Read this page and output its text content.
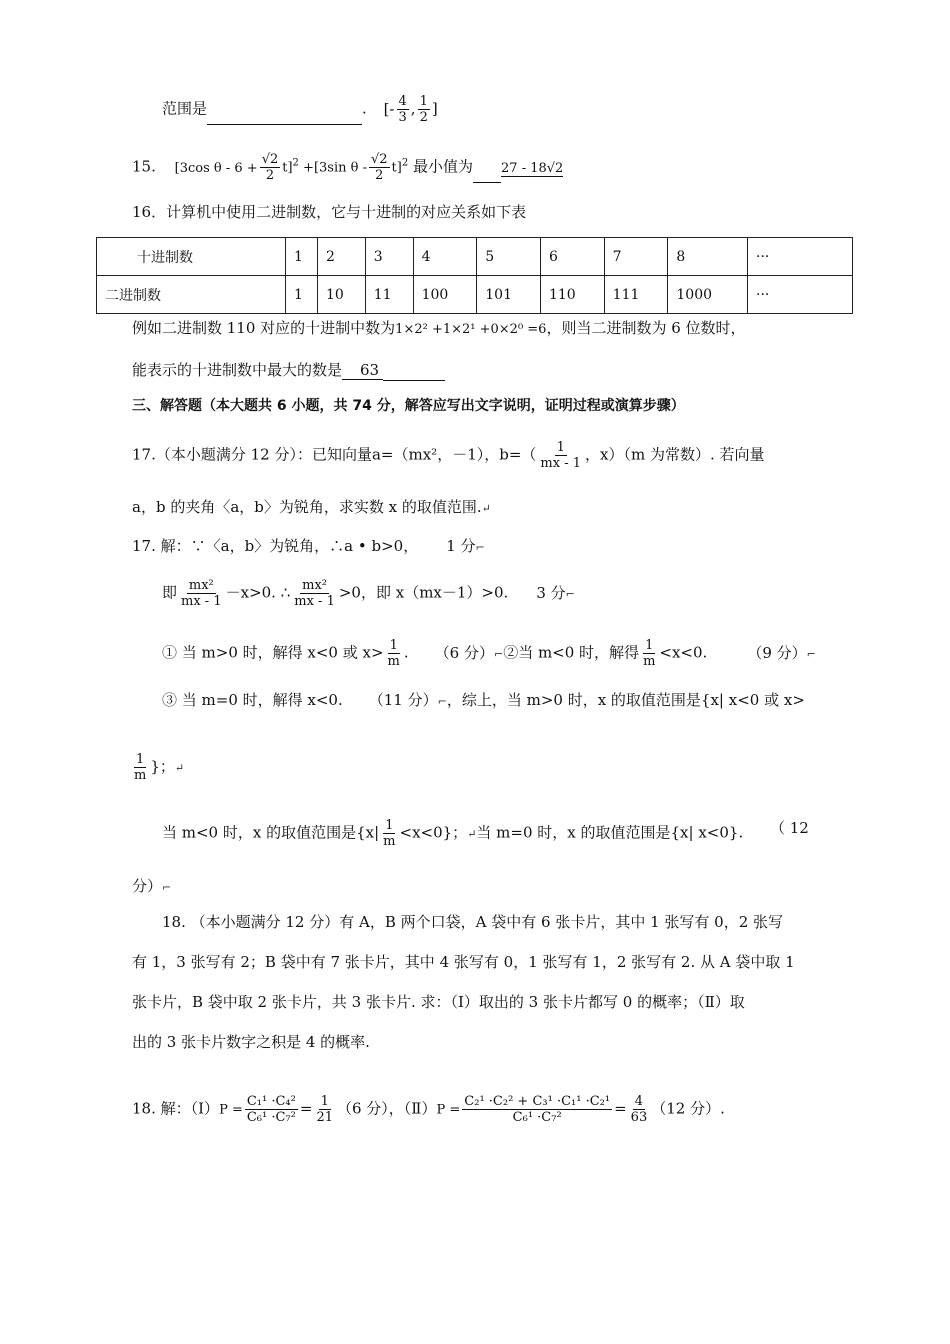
范围是	. [- $\frac{4}{3}$ , $\frac{1}{2}$ ]
15. [3cos $\theta - 6 + \frac{√2}{2} t]^2 +[3\sin$ θ - $\frac{√2}{2} t]^2$ 最小值为 27 - 18√2
16．计算机中使用二进制数，它与十进制的对应关系如下表
十进制数	1	2	3	4	5	6	7	8	···
二进制数	1	10	11	100	101	110	111	1000	···
例如二进制数 110 对应的十进制中数为1×2² +1×2¹ +0×2⁰ =6，则当二进制数为 6 位数时，
能表示的十进制数中最大的数是 63
三、解答题（本大题共 6 小题，共 74 分，解答应写出文字说明，证明过程或演算步骤）
17.（本小题满分 12 分）：已知向量a=（mx²，－1），$b=( \frac{1}{mx - 1}$ ，x）（m 为常数）. 若向量
a，b 的夹角〈a，b〉为锐角，求实数 x 的取值范围.↵
17. 解：∵〈a，b〉为锐角，∴a • b>0， 1 分⌐
即 $\frac{\text{mx²}}{mx - 1} -x>0$. ∴ $\frac{\text{mx²}}{mx - 1} >0$，即 x（mx－1）>0. 3 分⌐
① 当 m>0 时，解得 x<0 或 $x> \frac{1}{m}$ . （6 分）⌐②当 m<0 时，解得 $\frac{1}{m} <x<0$.	（9 分）⌐
③ 当 m=0 时，解得 x<0. （11 分）⌐，综上，当 m>0 时，x 的取值范围是{x| x<0 或 x>
$\frac{1}{m}$ }；↵
当 m<0 时，x 的取值范围是$\{x| \frac{1}{m} <x<0\}$；↵当 m=0 时，x 的取值范围是{x| x<0}. （ 12
分）⌐
18. （本小题满分 12 分）有 A，B 两个口袋，A 袋中有 6 张卡片，其中 1 张写有 0，2 张写
有 1，3 张写有 2；B 袋中有 7 张卡片，其中 4 张写有 0，1 张写有 1，2 张写有 2. 从 A 袋中取 1
张卡片，B 袋中取 2 张卡片，共 3 张卡片. 求：（Ⅰ）取出的 3 张卡片都写 0 的概率；（Ⅱ）取
出的 3 张卡片数字之积是 4 的概率.
18. 解：（Ⅰ）P = $\frac{\text{C₁¹ ·C₄²}}{\text{C₆¹ ·C₇²}} = \frac{1}{21} (6$ 分），（Ⅱ）P = $\frac{\text{C₂¹ ·C₂² + C₃¹ ·C₁¹ ·C₂¹}}{\text{C₆¹ ·C₇²}} = \frac{4}{63} (12$ 分）.
